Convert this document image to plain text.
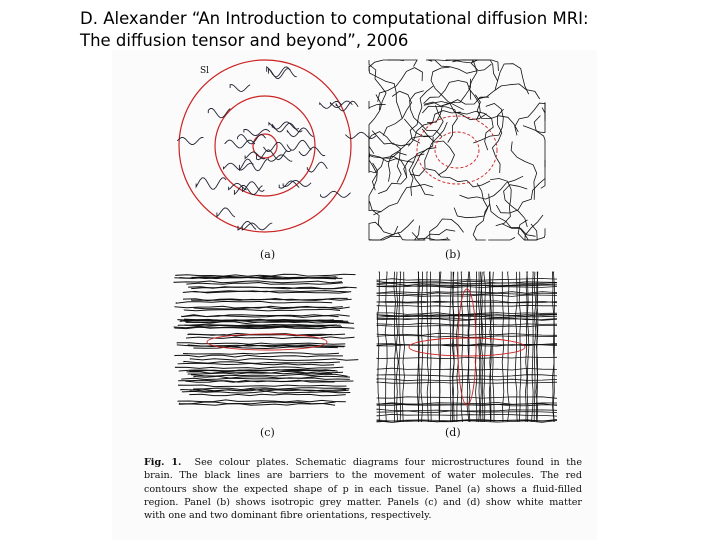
D. Alexander “An Introduction to computational diffusion MRI:
The diffusion tensor and beyond”, 2006
Sl
(a)	(b)
(c)	(d)
Fig. 1. See colour plates. Schematic diagrams four microstructures found in the
brain. The black lines are barriers to the movement of water molecules. The red
contours show the expected shape of p in each tissue. Panel (a) shows a fluid-filled
region. Panel (b) shows isotropic grey matter. Panels (c) and (d) show white matter
with one and two dominant fibre orientations, respectively.
